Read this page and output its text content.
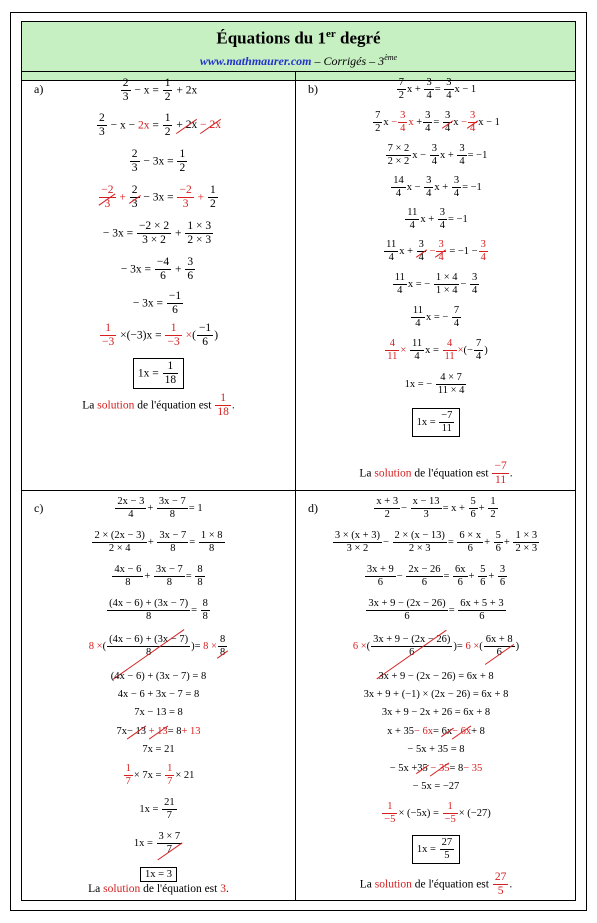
Équations du 1er degré
www.mathmaurer.com – Corrigés – 3ème
a)	$\frac{2}{3} - x = \frac{1}{2} + 2x$
$\frac{2}{3} - x - 2x = \frac{1}{2} + 2x - 2x$
$\frac{2}{3} - 3x = \frac{1}{2}$
$\frac{-2}{3} + \frac{2}{3} - 3x = \frac{-2}{3} + \frac{1}{2}$
− $3x = \frac{-2 \times 2}{3 \times 2} + \frac{1 \times 3}{2 \times 3}$
− $3x = \frac{-4}{6} + \frac{3}{6}$
− $3x = \frac{-1}{6}$
$\frac{1}{-3} \times(-3)x = \frac{1}{-3}$ ×( $\frac{-1}{6}$ )
$1x = \frac{1}{18}$
La solution de l'équation est $\frac{1}{18}$ .
b)	$\frac{7}{2}$ $x + \frac{3}{4} = \frac{3}{4}$ x − 1
$\frac{7}{2}$ $x - \frac{3}{4}$ $x + \frac{3}{4} = \frac{3}{4}$ $x - \frac{3}{4}$ x − 1
$\frac{7 \times 2}{2 \times 2}$ $x - \frac{3}{4}$ $x + \frac{3}{4} = -1$
$\frac{14}{4}$ $x - \frac{3}{4}$ $x + \frac{3}{4} = -1$
$\frac{11}{4}$ $x + \frac{3}{4} = -1$
$\frac{11}{4}$ $x + \frac{3}{4} - \frac{3}{4} = -1 - \frac{3}{4}$
$\frac{11}{4}$ x = − $\frac{1 \times 4}{1 \times 4} - \frac{3}{4}$
$\frac{11}{4}$ x = − $\frac{7}{4}$
$\frac{4}{11} \times \frac{11}{4}$ $x = \frac{4}{11}$ ×(− $\frac{7}{4}$ )
1x = − $\frac{4 \times 7}{11 \times 4}$
$1x = \frac{-7}{11}$
La solution de l'équation est $\frac{-7}{11}$ .
c)	$\frac{2x - 3}{4} + \frac{3x - 7}{8} = 1$
$\frac{2 \times (2x - 3)}{2 \times 4} + \frac{3x - 7}{8} = \frac{1 \times 8}{8}$
$\frac{4x - 6}{8} + \frac{3x - 7}{8} = \frac{8}{8}$
$\frac{(4x - 6) + (3x - 7)}{8} = \frac{8}{8}$
8 ×( $\frac{(4x - 6) + (3x - 7)}{8}$ )= $8 \times \frac{8}{8}$
(4x − 6) + (3x − 7) = 8
4x − 6 + 3x − 7 = 8
7x − 13 = 8
7x− 13 + 13= 8+ 13
7x = 21
$\frac{1}{7} \times 7x = \frac{1}{7} \times 21$
$1x = \frac{21}{7}$
$1x = \frac{3 \times 7}{7}$
1x = 3
La solution de l'équation est 3.
d)	$\frac{x + 3}{2} - \frac{x - 13}{3} = x + \frac{5}{6} + \frac{1}{2}$
$\frac{3 \times (x + 3)}{3 \times 2} - \frac{2 \times (x - 13)}{2 \times 3} = \frac{6 \times x}{6} + \frac{5}{6} + \frac{1 \times 3}{2 \times 3}$
$\frac{3x + 9}{6} - \frac{2x - 26}{6} = \frac{6x}{6} + \frac{5}{6} + \frac{3}{6}$
$\frac{3x + 9 - (2x - 26)}{6} = \frac{6x + 5 + 3}{6}$
6 ×( $\frac{3x + 9 - (2x - 26)}{6}$ )= 6 ×( $\frac{6x + 8}{6}$ )
3x + 9 − (2x − 26) = 6x + 8
3x + 9 + (−1) × (2x − 26) = 6x + 8
3x + 9 − 2x + 26 = 6x + 8
x + 35− 6x= 6x− 6x+ 8
− 5x + 35 = 8
− 5x +35 − 35= 8− 35
− 5x = −27
$\frac{1}{-5} \times (-5x) = \frac{1}{-5} \times (-27)$
$1x = \frac{27}{5}$
La solution de l'équation est $\frac{27}{5}$ .
